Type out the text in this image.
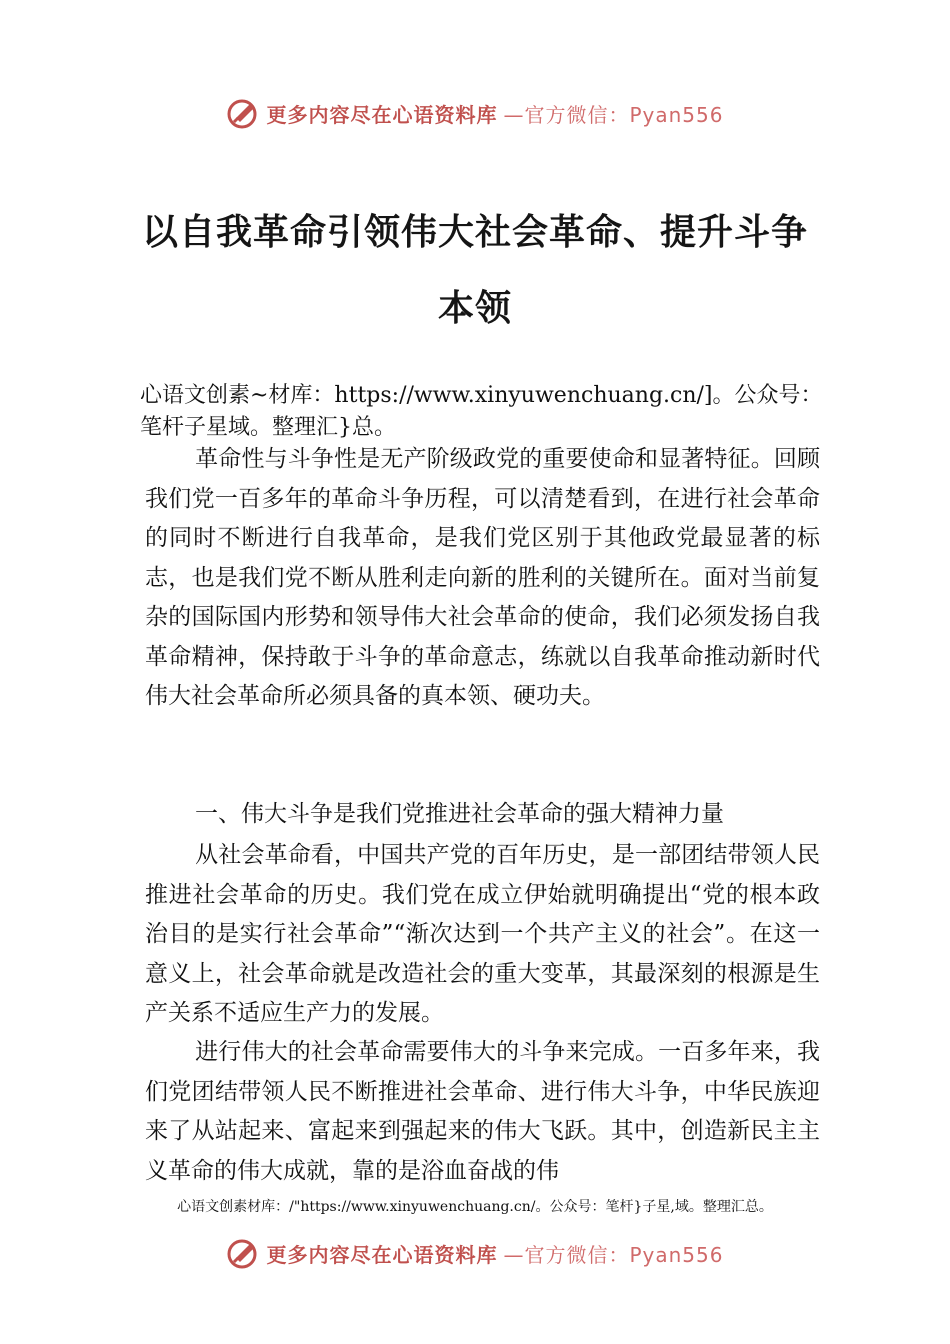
更多内容尽在心语资料库 —官方微信：Pyan556
以自我革命引领伟大社会革命、提升斗争
本领
心语文创素~材库：https://www.xinyuwenchuang.cn/]。公众号：笔杆子星域。整理汇}总。
革命性与斗争性是无产阶级政党的重要使命和显著特征。回顾我们党一百多年的革命斗争历程，可以清楚看到，在进行社会革命的同时不断进行自我革命，是我们党区别于其他政党最显著的标志，也是我们党不断从胜利走向新的胜利的关键所在。面对当前复杂的国际国内形势和领导伟大社会革命的使命，我们必须发扬自我革命精神，保持敢于斗争的革命意志，练就以自我革命推动新时代伟大社会革命所必须具备的真本领、硬功夫。
一、伟大斗争是我们党推进社会革命的强大精神力量
从社会革命看，中国共产党的百年历史，是一部团结带领人民推进社会革命的历史。我们党在成立伊始就明确提出“党的根本政治目的是实行社会革命”“渐次达到一个共产主义的社会”。在这一意义上，社会革命就是改造社会的重大变革，其最深刻的根源是生产关系不适应生产力的发展。
进行伟大的社会革命需要伟大的斗争来完成。一百多年来，我们党团结带领人民不断推进社会革命、进行伟大斗争，中华民族迎来了从站起来、富起来到强起来的伟大飞跃。其中，创造新民主主义革命的伟大成就，靠的是浴血奋战的伟
心语文创素材库：/"https://www.xinyuwenchuang.cn/。公众号：笔杆}子星,域。整理汇总。
更多内容尽在心语资料库 —官方微信：Pyan556
